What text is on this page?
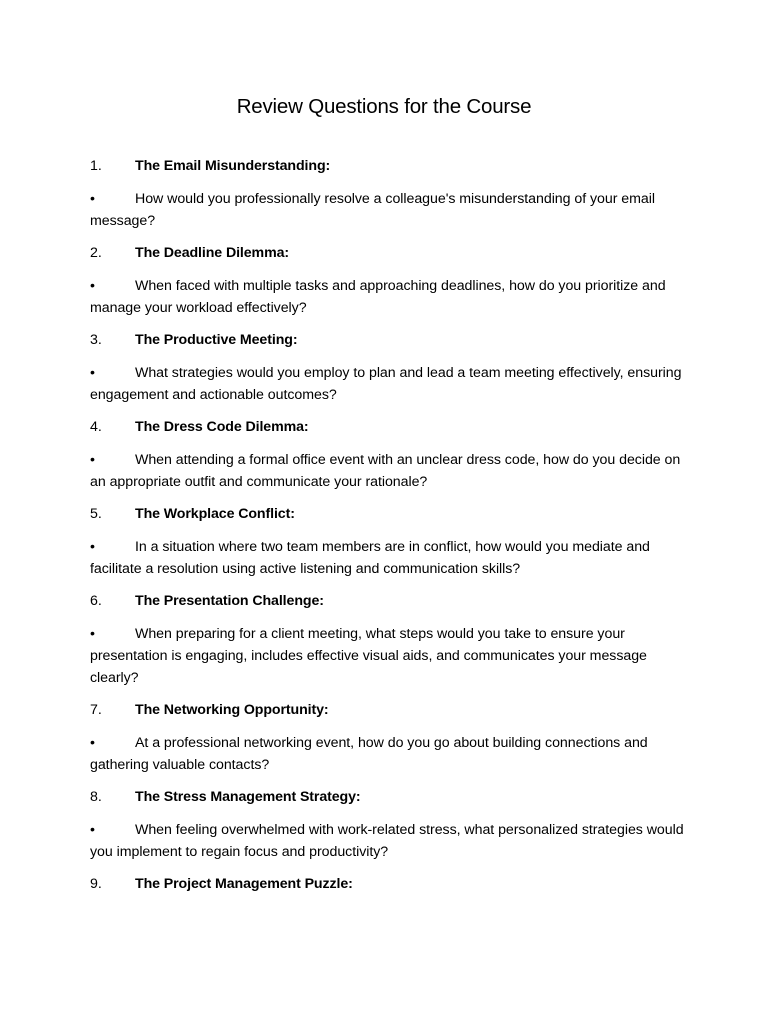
Review Questions for the Course
1. The Email Misunderstanding:

•	How would you professionally resolve a colleague's misunderstanding of your email message?

2. The Deadline Dilemma:

•	When faced with multiple tasks and approaching deadlines, how do you prioritize and manage your workload effectively?

3. The Productive Meeting:

•	What strategies would you employ to plan and lead a team meeting effectively, ensuring engagement and actionable outcomes?

4. The Dress Code Dilemma:

•	When attending a formal office event with an unclear dress code, how do you decide on an appropriate outfit and communicate your rationale?

5. The Workplace Conflict:

•	In a situation where two team members are in conflict, how would you mediate and facilitate a resolution using active listening and communication skills?

6. The Presentation Challenge:

•	When preparing for a client meeting, what steps would you take to ensure your presentation is engaging, includes effective visual aids, and communicates your message clearly?

7. The Networking Opportunity:

•	At a professional networking event, how do you go about building connections and gathering valuable contacts?

8. The Stress Management Strategy:

•	When feeling overwhelmed with work-related stress, what personalized strategies would you implement to regain focus and productivity?

9. The Project Management Puzzle:
